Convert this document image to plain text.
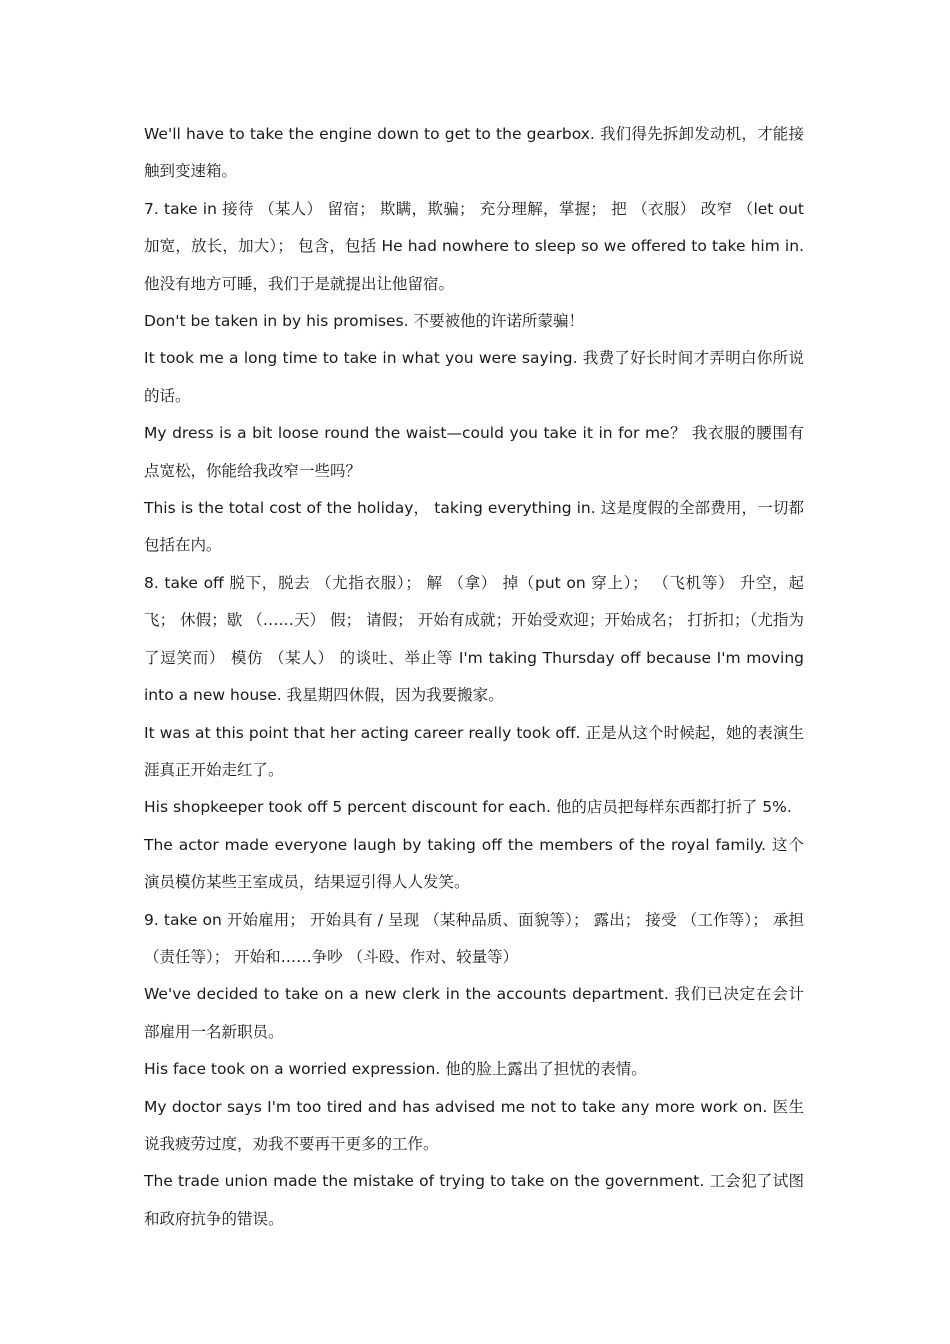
We'll have to take the engine down to get to the gearbox. 我们得先拆卸发动机，才能接触到变速箱。

7. take in 接待 （某人） 留宿； 欺瞒，欺骗； 充分理解，掌握； 把 （衣服） 改窄 （let out 加宽，放长，加大）； 包含，包括 He had nowhere to sleep so we offered to take him in. 他没有地方可睡，我们于是就提出让他留宿。

Don't be taken in by his promises. 不要被他的许诺所蒙骗！

It took me a long time to take in what you were saying. 我费了好长时间才弄明白你所说的话。

My dress is a bit loose round the waist—could you take it in for me？ 我衣服的腰围有点宽松，你能给我改窄一些吗？

This is the total cost of the holiday， taking everything in. 这是度假的全部费用，一切都包括在内。

8. take off 脱下，脱去 （尤指衣服）； 解 （拿） 掉（put on 穿上）； （飞机等） 升空，起飞； 休假；歇 （……天） 假； 请假； 开始有成就；开始受欢迎；开始成名； 打折扣；（尤指为了逗笑而） 模仿 （某人） 的谈吐、举止等 I'm taking Thursday off because I'm moving into a new house. 我星期四休假，因为我要搬家。

It was at this point that her acting career really took off. 正是从这个时候起，她的表演生涯真正开始走红了。

His shopkeeper took off 5 percent discount for each. 他的店员把每样东西都打折了 5%.

The actor made everyone laugh by taking off the members of the royal family. 这个演员模仿某些王室成员，结果逗引得人人发笑。

9. take on 开始雇用； 开始具有 / 呈现 （某种品质、面貌等）； 露出； 接受 （工作等）； 承担 （责任等）； 开始和……争吵 （斗殴、作对、较量等）

We've decided to take on a new clerk in the accounts department. 我们已决定在会计部雇用一名新职员。

His face took on a worried expression. 他的脸上露出了担忧的表情。

My doctor says I'm too tired and has advised me not to take any more work on. 医生说我疲劳过度，劝我不要再干更多的工作。

The trade union made the mistake of trying to take on the government. 工会犯了试图和政府抗争的错误。
